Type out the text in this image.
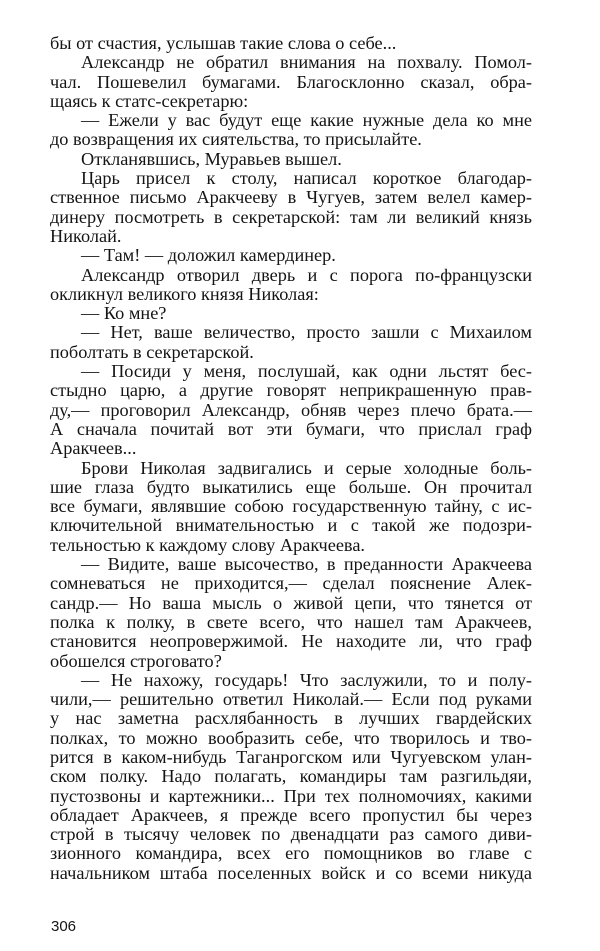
бы от счастия, услышав такие слова о себе...
Александр не обратил внимания на похвалу. Помол-
чал. Пошевелил бумагами. Благосклонно сказал, обра-
щаясь к статс-секретарю:
— Ежели у вас будут еще какие нужные дела ко мне
до возвращения их сиятельства, то присылайте.
Откланявшись, Муравьев вышел.
Царь присел к столу, написал короткое благодар-
ственное письмо Аракчееву в Чугуев, затем велел камер-
динеру посмотреть в секретарской: там ли великий князь
Николай.
— Там! — доложил камердинер.
Александр отворил дверь и с порога по-французски
окликнул великого князя Николая:
— Ко мне?
— Нет, ваше величество, просто зашли с Михаилом
поболтать в секретарской.
— Посиди у меня, послушай, как одни льстят бес-
стыдно царю, а другие говорят неприкрашенную прав-
ду,— проговорил Александр, обняв через плечо брата.—
А сначала почитай вот эти бумаги, что прислал граф
Аракчеев...
Брови Николая задвигались и серые холодные боль-
шие глаза будто выкатились еще больше. Он прочитал
все бумаги, являвшие собою государственную тайну, с ис-
ключительной внимательностью и с такой же подозри-
тельностью к каждому слову Аракчеева.
— Видите, ваше высочество, в преданности Аракчеева
сомневаться не приходится,— сделал пояснение Алек-
сандр.— Но ваша мысль о живой цепи, что тянется от
полка к полку, в свете всего, что нашел там Аракчеев,
становится неопровержимой. Не находите ли, что граф
обошелся строговато?
— Не нахожу, государь! Что заслужили, то и полу-
чили,— решительно ответил Николай.— Если под руками
у нас заметна расхлябанность в лучших гвардейских
полках, то можно вообразить себе, что творилось и тво-
рится в каком-нибудь Таганрогском или Чугуевском улан-
ском полку. Надо полагать, командиры там разгильдяи,
пустозвоны и картежники... При тех полномочиях, какими
обладает Аракчеев, я прежде всего пропустил бы через
строй в тысячу человек по двенадцати раз самого диви-
зионного командира, всех его помощников во главе с
начальником штаба поселенных войск и со всеми никуда
306
